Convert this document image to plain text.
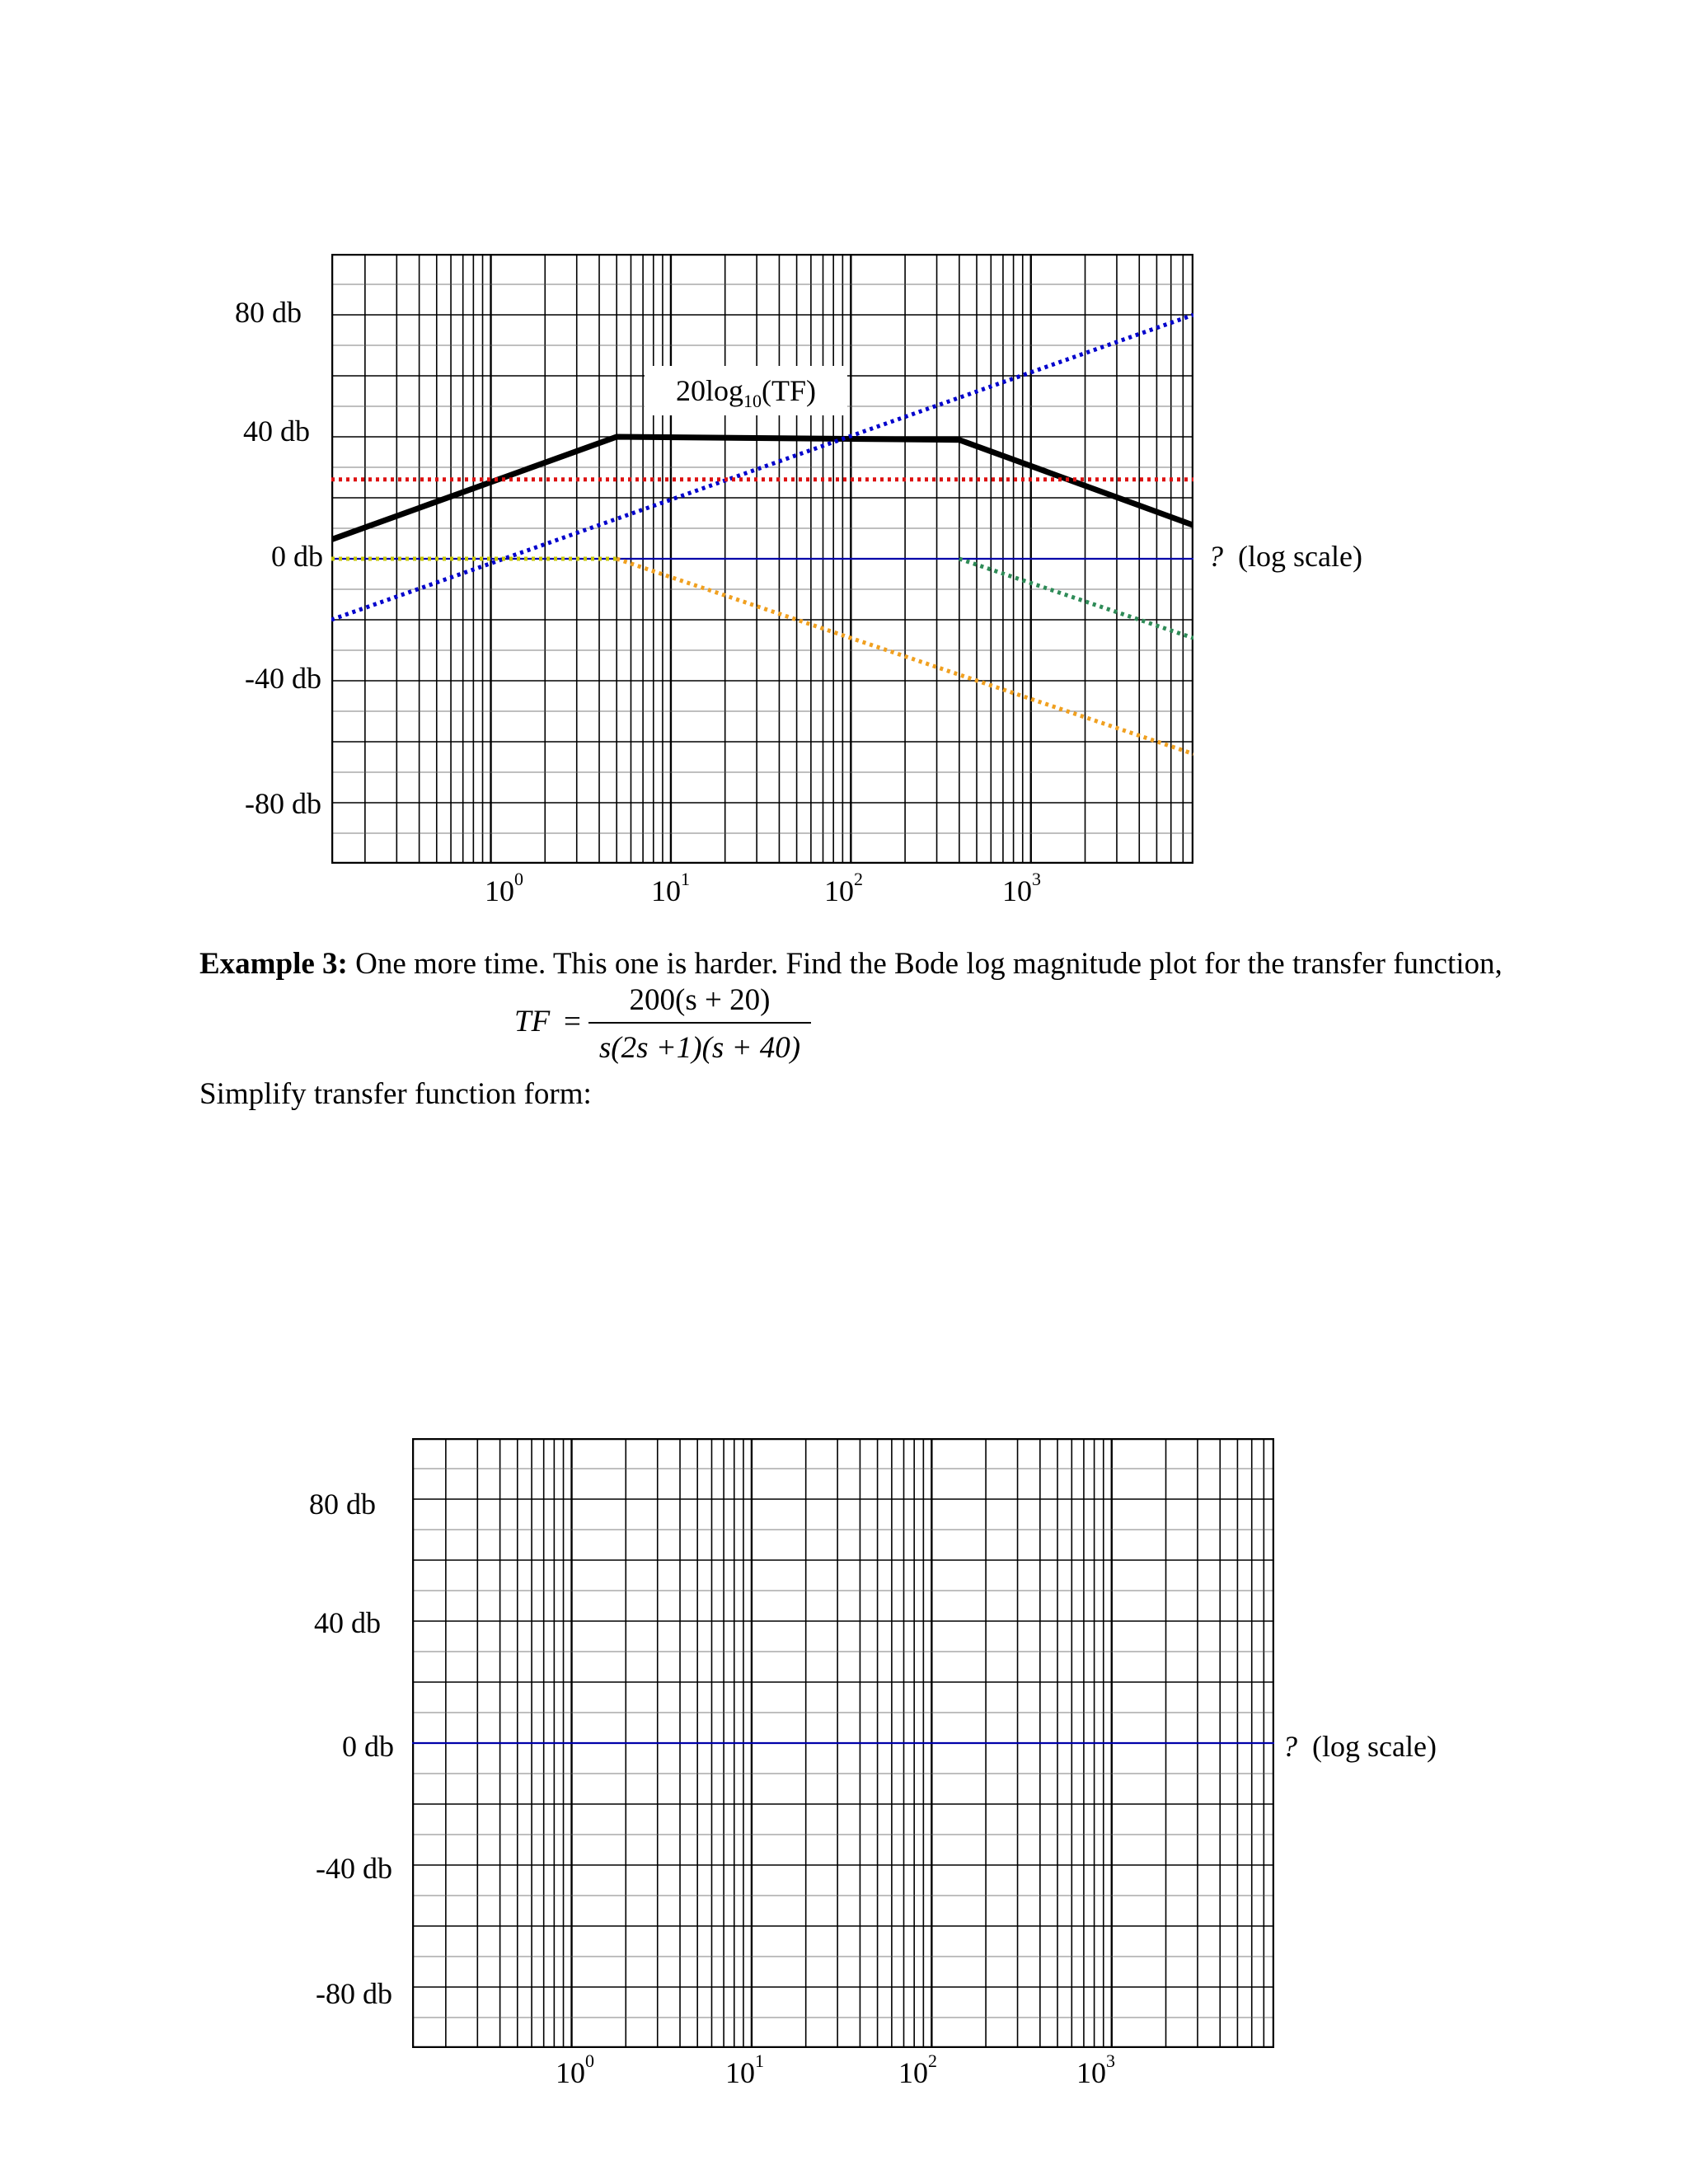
80 db
40 db
0 db
-40 db
-80 db
$10^0$	$10^1$	$10^2$	$10^3$
? (log scale)
$20\log_{10}(TF)$
Example 3: One more time. This one is harder. Find the Bode log magnitude plot for the transfer function,
TF =
200(s + 20)
s(2s +1)(s + 40)
Simplify transfer function form:
80 db
40 db
0 db
-40 db
-80 db
$10^0$	$10^1$	$10^2$	$10^3$
? (log scale)
